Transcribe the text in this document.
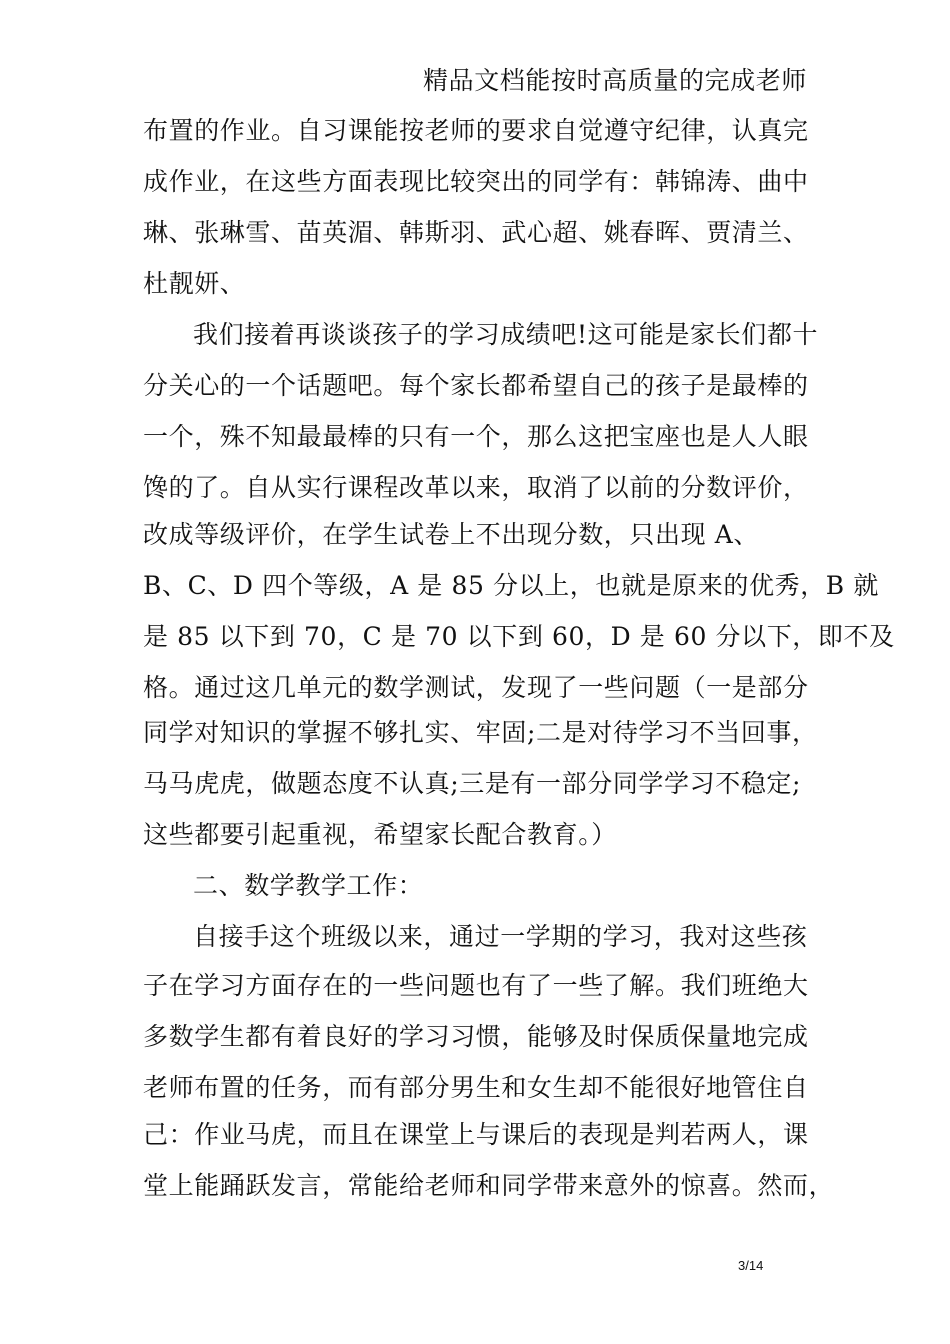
精品文档能按时高质量的完成老师
布置的作业。自习课能按老师的要求自觉遵守纪律，认真完
成作业，在这些方面表现比较突出的同学有：韩锦涛、曲中
琳、张琳雪、苗英湄、韩斯羽、武心超、姚春晖、贾清兰、
杜靓妍、
我们接着再谈谈孩子的学习成绩吧!这可能是家长们都十
分关心的一个话题吧。每个家长都希望自己的孩子是最棒的
一个，殊不知最最棒的只有一个，那么这把宝座也是人人眼
馋的了。自从实行课程改革以来，取消了以前的分数评价，
改成等级评价，在学生试卷上不出现分数，只出现 A、
B、C、D 四个等级，A 是 85 分以上，也就是原来的优秀，B 就
是 85 以下到 70，C 是 70 以下到 60，D 是 60 分以下，即不及
格。通过这几单元的数学测试，发现了一些问题（一是部分
同学对知识的掌握不够扎实、牢固;二是对待学习不当回事，
马马虎虎，做题态度不认真;三是有一部分同学学习不稳定;
这些都要引起重视，希望家长配合教育。）
二、数学教学工作：
自接手这个班级以来，通过一学期的学习，我对这些孩
子在学习方面存在的一些问题也有了一些了解。我们班绝大
多数学生都有着良好的学习习惯，能够及时保质保量地完成
老师布置的任务，而有部分男生和女生却不能很好地管住自
己：作业马虎，而且在课堂上与课后的表现是判若两人，课
堂上能踊跃发言，常能给老师和同学带来意外的惊喜。然而，
3/14
